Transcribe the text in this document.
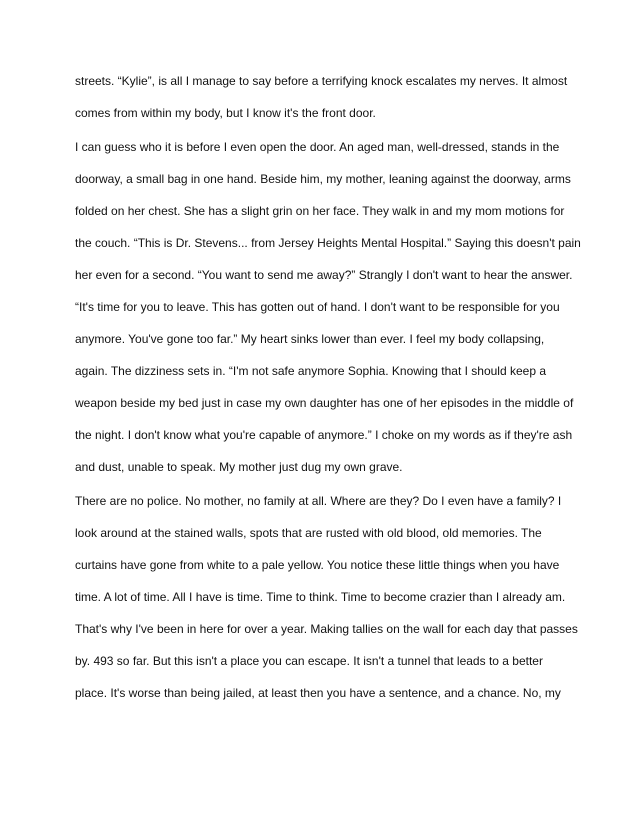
streets. “Kylie”, is all I manage to say before a terrifying knock escalates my nerves. It almost
comes from within my body, but I know it's the front door.
I can guess who it is before I even open the door. An aged man, well-dressed, stands in the
doorway, a small bag in one hand. Beside him, my mother, leaning against the doorway, arms
folded on her chest. She has a slight grin on her face. They walk in and my mom motions for
the couch. “This is Dr. Stevens... from Jersey Heights Mental Hospital.” Saying this doesn't pain
her even for a second. “You want to send me away?” Strangly I don't want to hear the answer.
“It's time for you to leave. This has gotten out of hand. I don't want to be responsible for you
anymore. You've gone too far.” My heart sinks lower than ever. I feel my body collapsing,
again. The dizziness sets in. “I'm not safe anymore Sophia. Knowing that I should keep a
weapon beside my bed just in case my own daughter has one of her episodes in the middle of
the night. I don't know what you're capable of anymore.” I choke on my words as if they're ash
and dust, unable to speak. My mother just dug my own grave.
There are no police. No mother, no family at all. Where are they? Do I even have a family? I
look around at the stained walls, spots that are rusted with old blood, old memories. The
curtains have gone from white to a pale yellow. You notice these little things when you have
time. A lot of time. All I have is time. Time to think. Time to become crazier than I already am.
That's why I've been in here for over a year. Making tallies on the wall for each day that passes
by. 493 so far. But this isn't a place you can escape. It isn't a tunnel that leads to a better
place. It's worse than being jailed, at least then you have a sentence, and a chance. No, my
